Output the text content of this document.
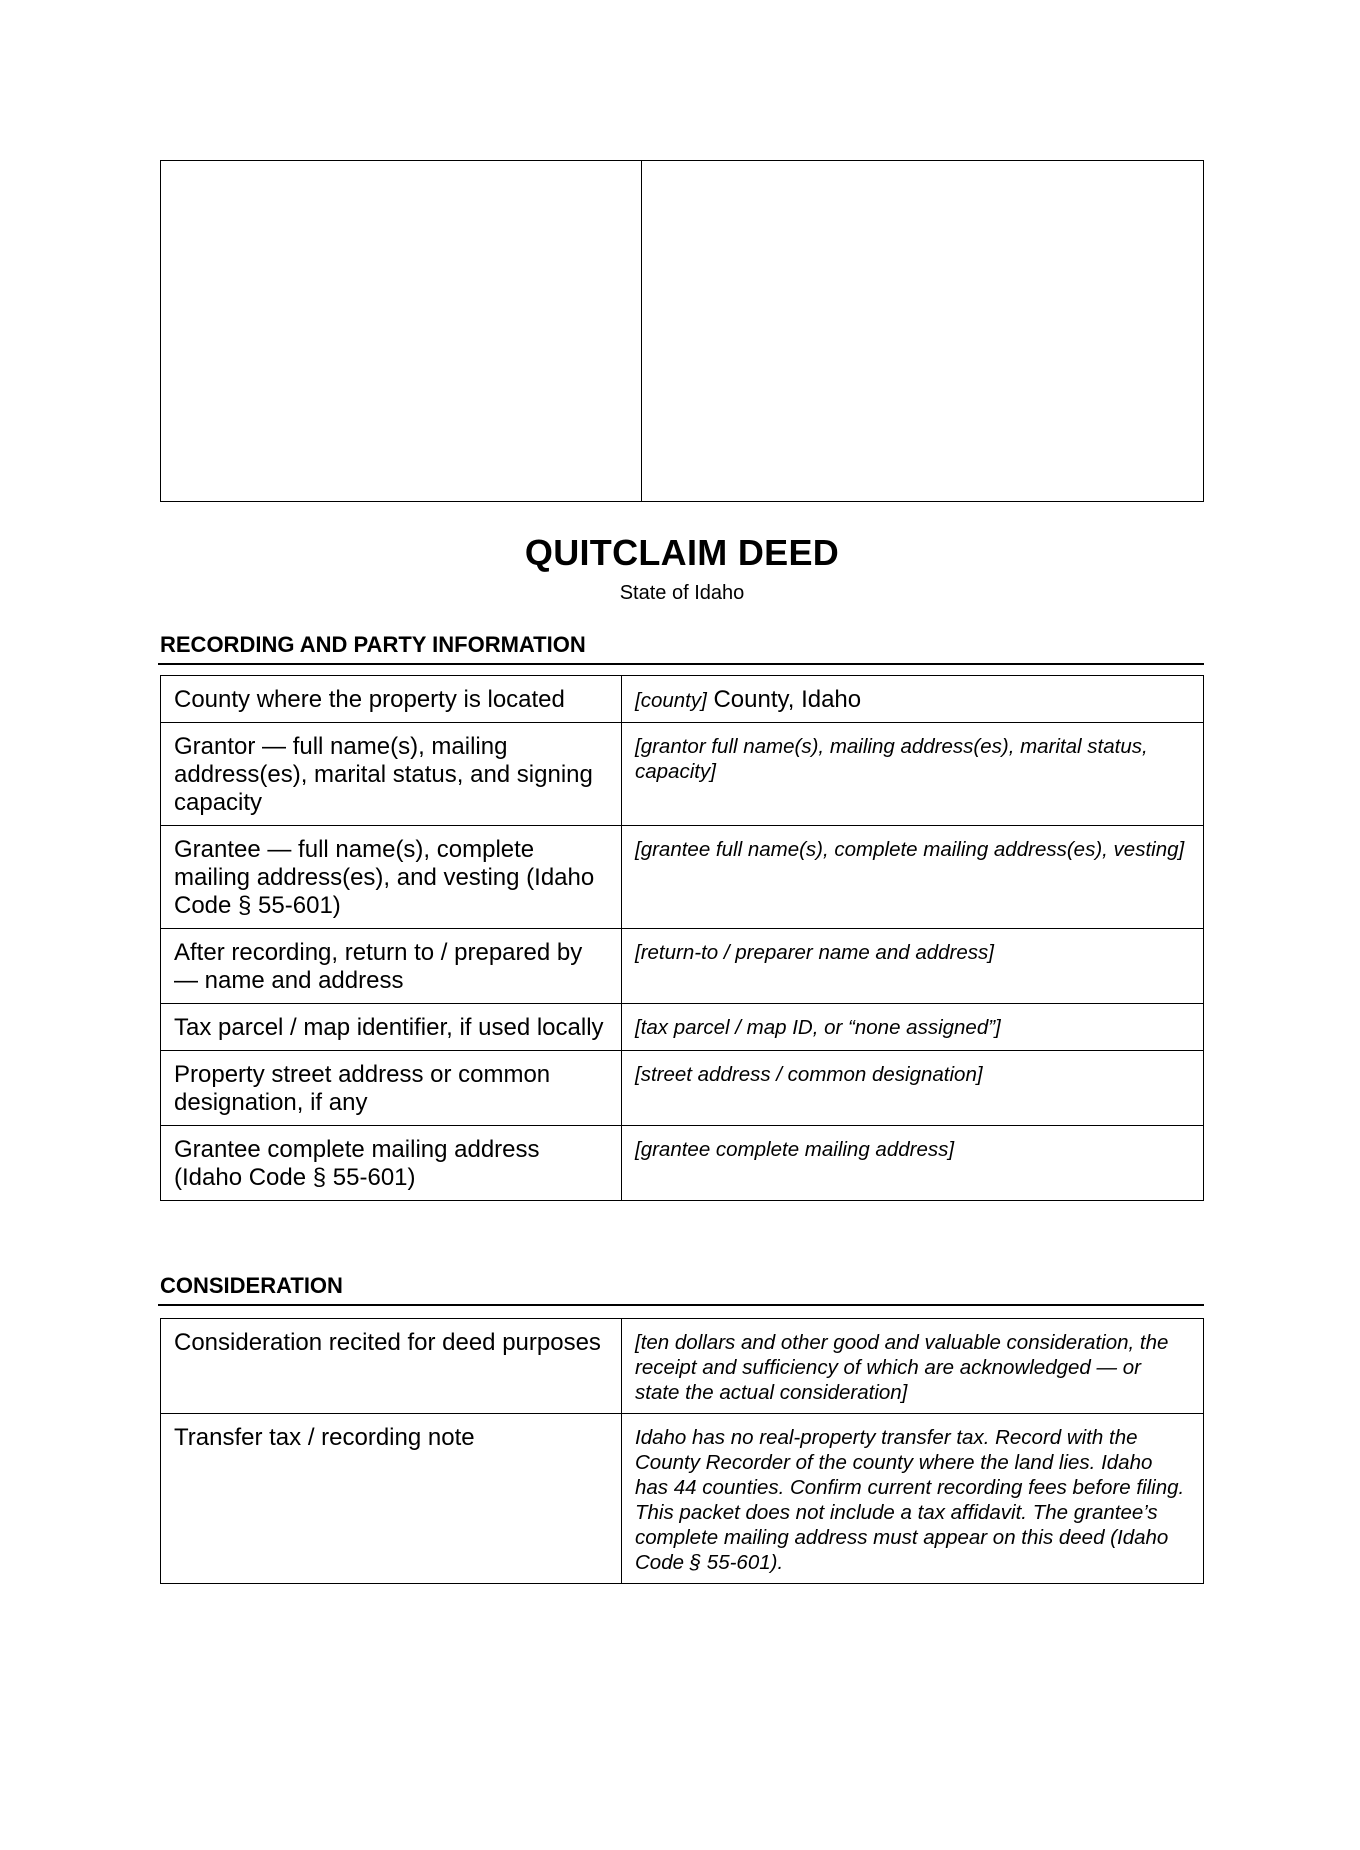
QUITCLAIM DEED
State of Idaho
RECORDING AND PARTY INFORMATION
County where the property is located	[county] County, Idaho
Grantor — full name(s), mailing address(es), marital status, and signing capacity	[grantor full name(s), mailing address(es), marital status, capacity]
Grantee — full name(s), complete mailing address(es), and vesting (Idaho Code § 55-601)	[grantee full name(s), complete mailing address(es), vesting]
After recording, return to / prepared by — name and address	[return-to / preparer name and address]
Tax parcel / map identifier, if used locally	[tax parcel / map ID, or “none assigned”]
Property street address or common designation, if any	[street address / common designation]
Grantee complete mailing address (Idaho Code § 55-601)	[grantee complete mailing address]
CONSIDERATION
Consideration recited for deed purposes	[ten dollars and other good and valuable consideration, the receipt and sufficiency of which are acknowledged — or state the actual consideration]
Transfer tax / recording note	Idaho has no real-property transfer tax. Record with the County Recorder of the county where the land lies. Idaho has 44 counties. Confirm current recording fees before filing. This packet does not include a tax affidavit. The grantee’s complete mailing address must appear on this deed (Idaho Code § 55-601).
